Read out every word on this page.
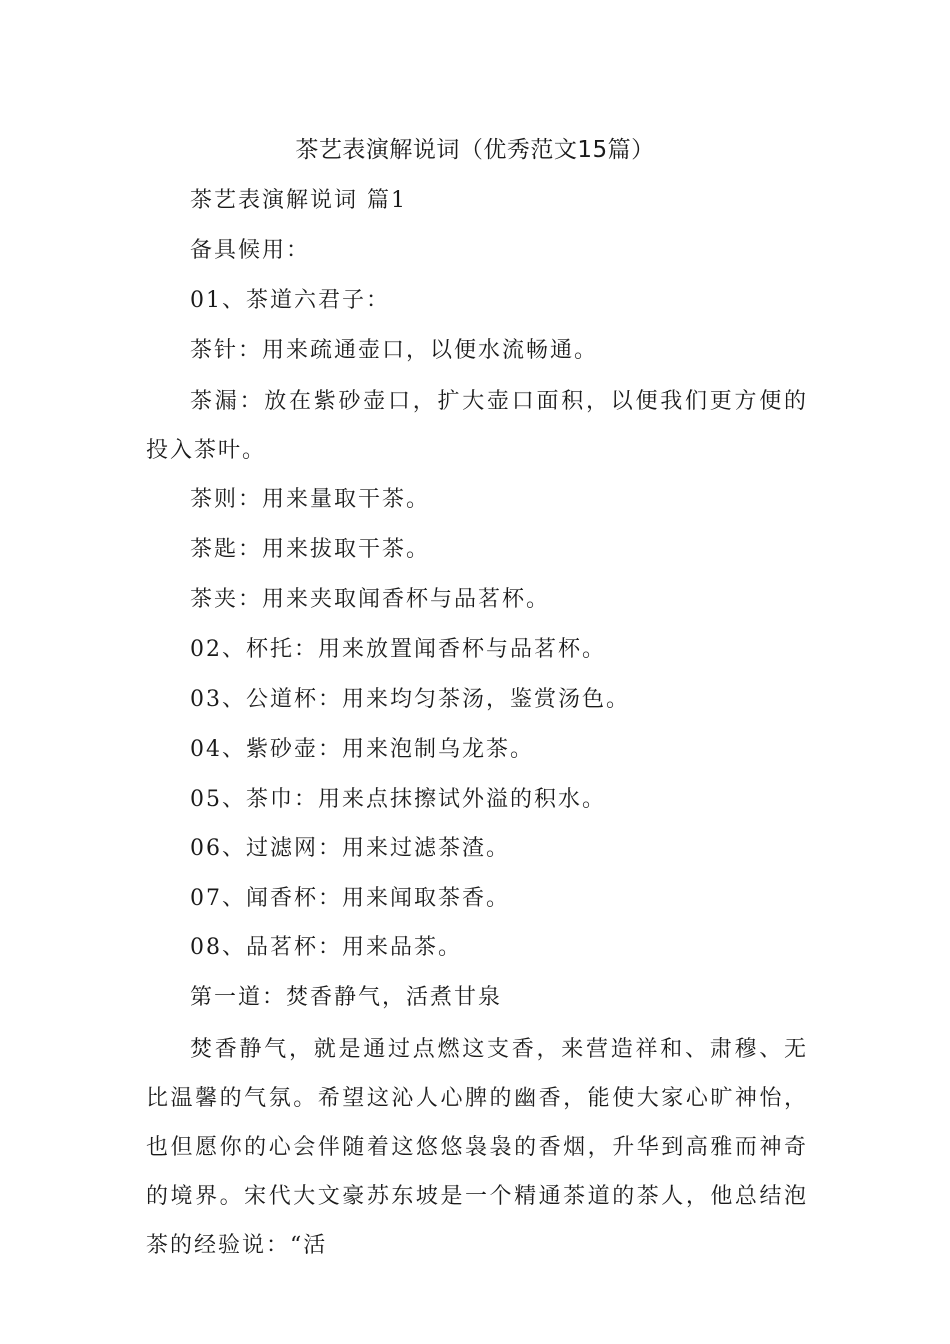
茶艺表演解说词（优秀范文15篇）

茶艺表演解说词 篇1

备具候用：

01、茶道六君子：

茶针：用来疏通壶口，以便水流畅通。

茶漏：放在紫砂壶口，扩大壶口面积，以便我们更方便的投入茶叶。

茶则：用来量取干茶。

茶匙：用来拔取干茶。

茶夹：用来夹取闻香杯与品茗杯。

02、杯托：用来放置闻香杯与品茗杯。

03、公道杯：用来均匀茶汤，鉴赏汤色。

04、紫砂壶：用来泡制乌龙茶。

05、茶巾：用来点抹擦试外溢的积水。

06、过滤网：用来过滤茶渣。

07、闻香杯：用来闻取茶香。

08、品茗杯：用来品茶。

第一道：焚香静气，活煮甘泉

焚香静气，就是通过点燃这支香，来营造祥和、肃穆、无比温馨的气氛。希望这沁人心脾的幽香，能使大家心旷神怡，也但愿你的心会伴随着这悠悠袅袅的香烟，升华到高雅而神奇的境界。宋代大文豪苏东坡是一个精通茶道的茶人，他总结泡茶的经验说：“活
